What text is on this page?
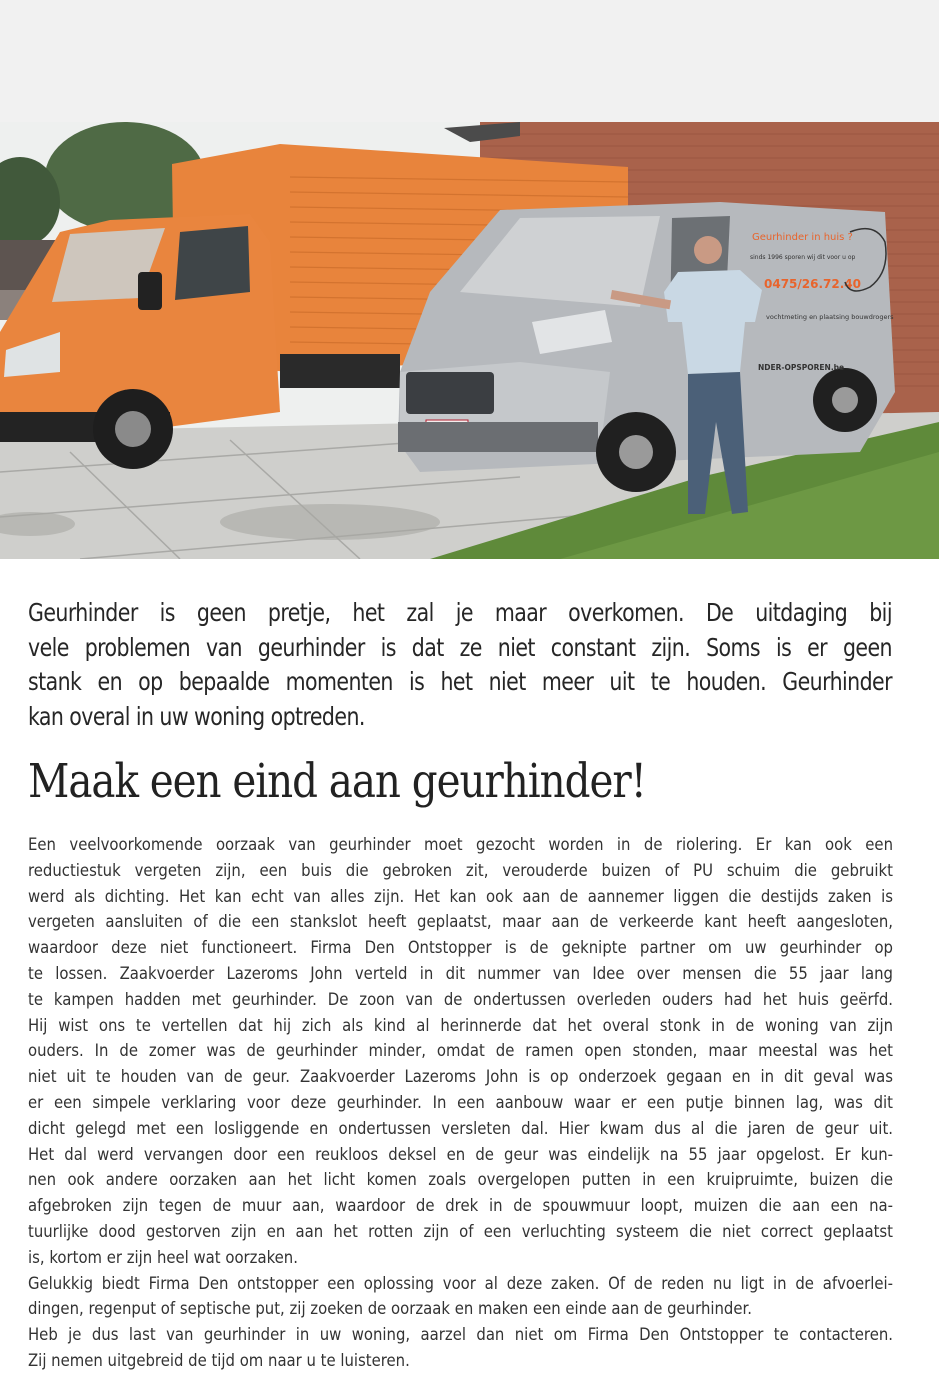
Geurhinder in huis ?
sinds 1996 sporen wij dit voor u op
0475/26.72.40
vochtmeting en plaatsing bouwdrogers
NDER-OPSPOREN.be
Geurhinder is geen pretje, het zal je maar overkomen. De uitdaging bij
vele problemen van geurhinder is dat ze niet constant zijn. Soms is er geen
stank en op bepaalde momenten is het niet meer uit te houden. Geurhinder
kan overal in uw woning optreden.
Maak een eind aan geurhinder!
Een veelvoorkomende oorzaak van geurhinder moet gezocht worden in de riolering. Er kan ook een
reductiestuk vergeten zijn, een buis die gebroken zit, verouderde buizen of PU schuim die gebruikt
werd als dichting. Het kan echt van alles zijn. Het kan ook aan de aannemer liggen die destijds zaken is
vergeten aansluiten of die een stankslot heeft geplaatst, maar aan de verkeerde kant heeft aangesloten,
waardoor deze niet functioneert. Firma Den Ontstopper is de geknipte partner om uw geurhinder op
te lossen. Zaakvoerder Lazeroms John verteld in dit nummer van Idee over mensen die 55 jaar lang
te kampen hadden met geurhinder. De zoon van de ondertussen overleden ouders had het huis geërfd.
Hij wist ons te vertellen dat hij zich als kind al herinnerde dat het overal stonk in de woning van zijn
ouders. In de zomer was de geurhinder minder, omdat de ramen open stonden, maar meestal was het
niet uit te houden van de geur. Zaakvoerder Lazeroms John is op onderzoek gegaan en in dit geval was
er een simpele verklaring voor deze geurhinder. In een aanbouw waar er een putje binnen lag, was dit
dicht gelegd met een losliggende en ondertussen versleten dal. Hier kwam dus al die jaren de geur uit.
Het dal werd vervangen door een reukloos deksel en de geur was eindelijk na 55 jaar opgelost. Er kun-
nen ook andere oorzaken aan het licht komen zoals overgelopen putten in een kruipruimte, buizen die
afgebroken zijn tegen de muur aan, waardoor de drek in de spouwmuur loopt, muizen die aan een na-
tuurlijke dood gestorven zijn en aan het rotten zijn of een verluchting systeem die niet correct geplaatst
is, kortom er zijn heel wat oorzaken.
Gelukkig biedt Firma Den ontstopper een oplossing voor al deze zaken. Of de reden nu ligt in de afvoerlei-
dingen, regenput of septische put, zij zoeken de oorzaak en maken een einde aan de geurhinder.
Heb je dus last van geurhinder in uw woning, aarzel dan niet om Firma Den Ontstopper te contacteren.
Zij nemen uitgebreid de tijd om naar u te luisteren.
